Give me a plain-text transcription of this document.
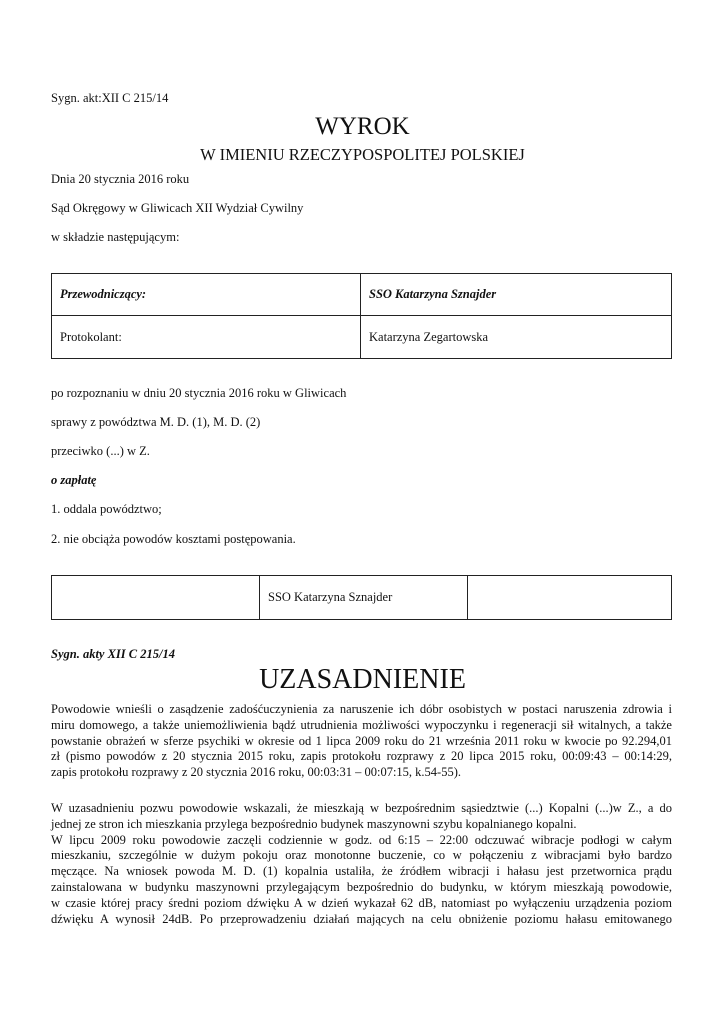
Sygn. akt:XII C 215/14
WYROK
W IMIENIU RZECZYPOSPOLITEJ POLSKIEJ
Dnia 20 stycznia 2016 roku
Sąd Okręgowy w Gliwicach XII Wydział Cywilny
w składzie następującym:
Przewodniczący:	SSO Katarzyna Sznajder
Protokolant:	Katarzyna Zegartowska
po rozpoznaniu w dniu 20 stycznia 2016 roku w Gliwicach
sprawy z powództwa M. D. (1), M. D. (2)
przeciwko (...) w Z.
o zapłatę
1. oddala powództwo;
2. nie obciąża powodów kosztami postępowania.
	SSO Katarzyna Sznajder	
Sygn. akty XII C 215/14
UZASADNIENIE
Powodowie wnieśli o zasądzenie zadośćuczynienia za naruszenie ich dóbr osobistych w postaci naruszenia zdrowia i
miru domowego, a także uniemożliwienia bądź utrudnienia możliwości wypoczynku i regeneracji sił witalnych, a także
powstanie obrażeń w sferze psychiki w okresie od 1 lipca 2009 roku do 21 września 2011 roku w kwocie po 92.294,01
zł (pismo powodów z 20 stycznia 2015 roku, zapis protokołu rozprawy z 20 lipca 2015 roku, 00:09:43 – 00:14:29,
zapis protokołu rozprawy z 20 stycznia 2016 roku, 00:03:31 – 00:07:15, k.54-55).
W uzasadnieniu pozwu powodowie wskazali, że mieszkają w bezpośrednim sąsiedztwie (...) Kopalni (...)w Z., a do
jednej ze stron ich mieszkania przylega bezpośrednio budynek maszynowni szybu kopalnianego kopalni.
W lipcu 2009 roku powodowie zaczęli codziennie w godz. od 6:15 – 22:00 odczuwać wibracje podłogi w całym
mieszkaniu, szczególnie w dużym pokoju oraz monotonne buczenie, co w połączeniu z wibracjami było bardzo
męczące. Na wniosek powoda M. D. (1) kopalnia ustaliła, że źródłem wibracji i hałasu jest przetwornica prądu
zainstalowana w budynku maszynowni przylegającym bezpośrednio do budynku, w którym mieszkają powodowie,
w czasie której pracy średni poziom dźwięku A w dzień wykazał 62 dB, natomiast po wyłączeniu urządzenia poziom
dźwięku A wynosił 24dB. Po przeprowadzeniu działań mających na celu obniżenie poziomu hałasu emitowanego
